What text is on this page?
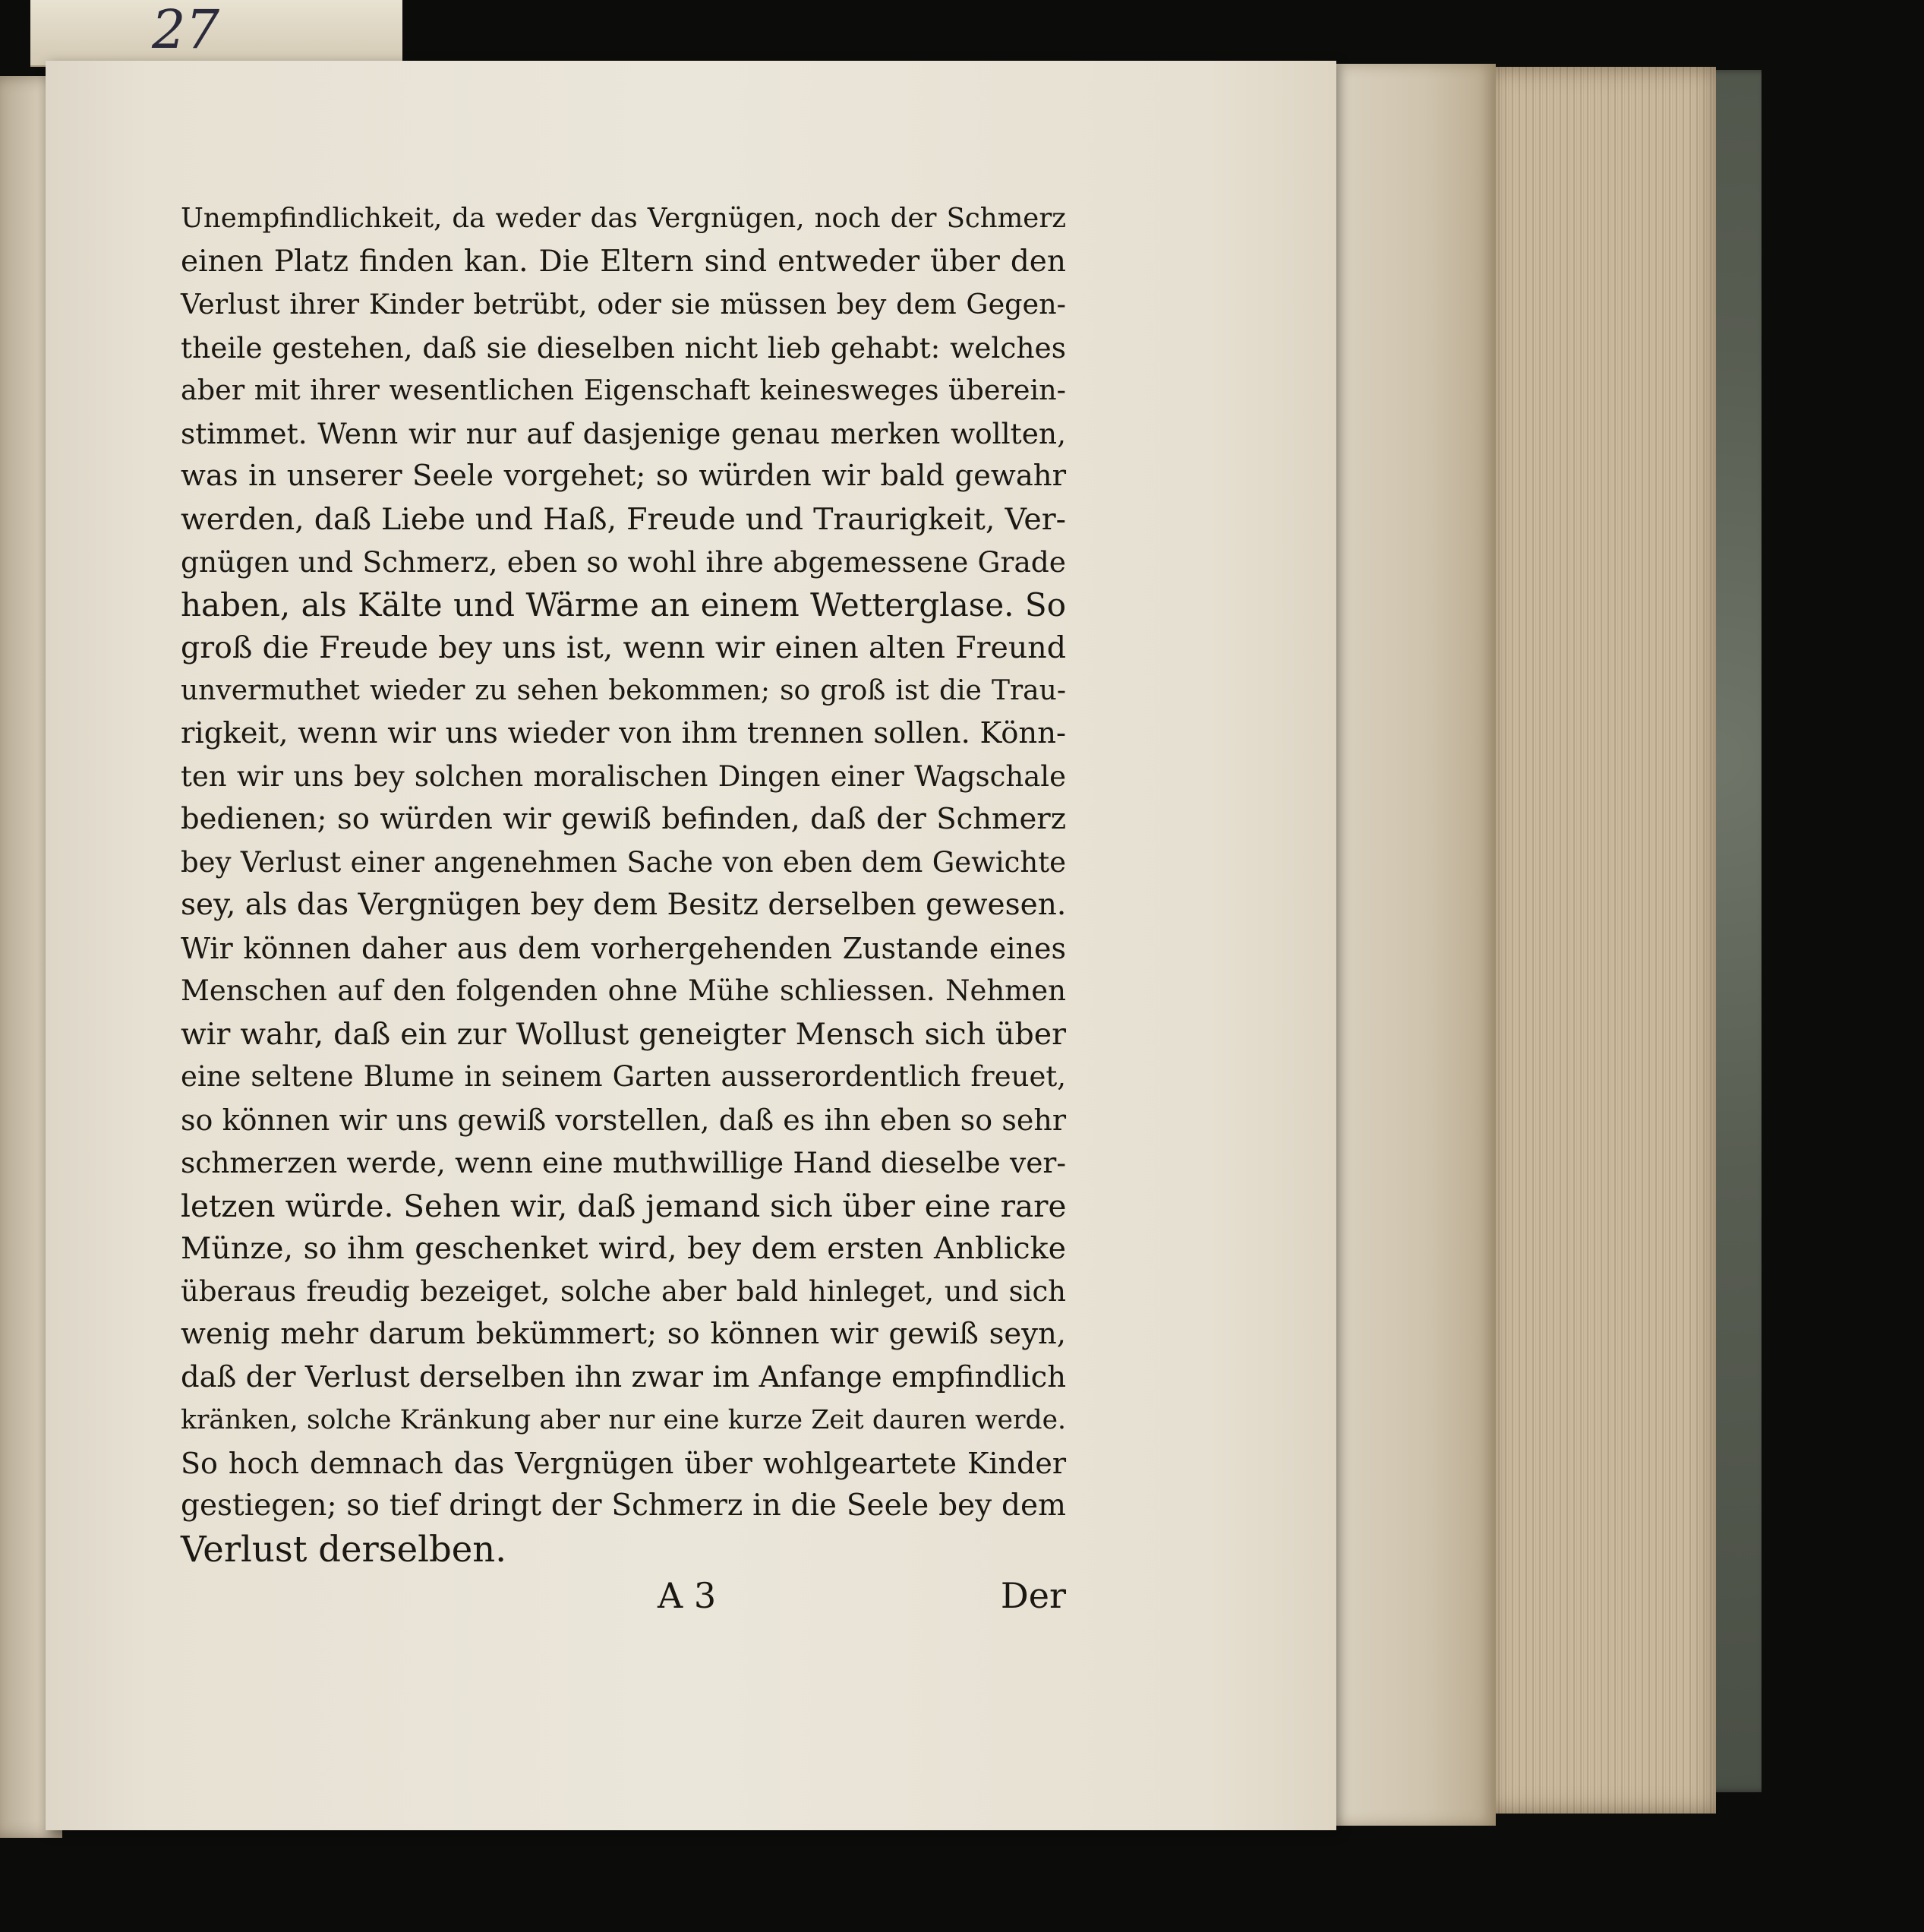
27
Unempfindlichkeit, da weder das Vergnügen, noch der Schmerz
einen Platz finden kan. Die Eltern sind entweder über den
Verlust ihrer Kinder betrübt, oder sie müssen bey dem Gegen-
theile gestehen, daß sie dieselben nicht lieb gehabt: welches
aber mit ihrer wesentlichen Eigenschaft keinesweges überein-
stimmet. Wenn wir nur auf dasjenige genau merken wollten,
was in unserer Seele vorgehet; so würden wir bald gewahr
werden, daß Liebe und Haß, Freude und Traurigkeit, Ver-
gnügen und Schmerz, eben so wohl ihre abgemessene Grade
haben, als Kälte und Wärme an einem Wetterglase. So
groß die Freude bey uns ist, wenn wir einen alten Freund
unvermuthet wieder zu sehen bekommen; so groß ist die Trau-
rigkeit, wenn wir uns wieder von ihm trennen sollen. Könn-
ten wir uns bey solchen moralischen Dingen einer Wagschale
bedienen; so würden wir gewiß befinden, daß der Schmerz
bey Verlust einer angenehmen Sache von eben dem Gewichte
sey, als das Vergnügen bey dem Besitz derselben gewesen.
Wir können daher aus dem vorhergehenden Zustande eines
Menschen auf den folgenden ohne Mühe schliessen. Nehmen
wir wahr, daß ein zur Wollust geneigter Mensch sich über
eine seltene Blume in seinem Garten ausserordentlich freuet,
so können wir uns gewiß vorstellen, daß es ihn eben so sehr
schmerzen werde, wenn eine muthwillige Hand dieselbe ver-
letzen würde. Sehen wir, daß jemand sich über eine rare
Münze, so ihm geschenket wird, bey dem ersten Anblicke
überaus freudig bezeiget, solche aber bald hinleget, und sich
wenig mehr darum bekümmert; so können wir gewiß seyn,
daß der Verlust derselben ihn zwar im Anfange empfindlich
kränken, solche Kränkung aber nur eine kurze Zeit dauren werde.
So hoch demnach das Vergnügen über wohlgeartete Kinder
gestiegen; so tief dringt der Schmerz in die Seele bey dem
Verlust derselben.
A 3	Der
